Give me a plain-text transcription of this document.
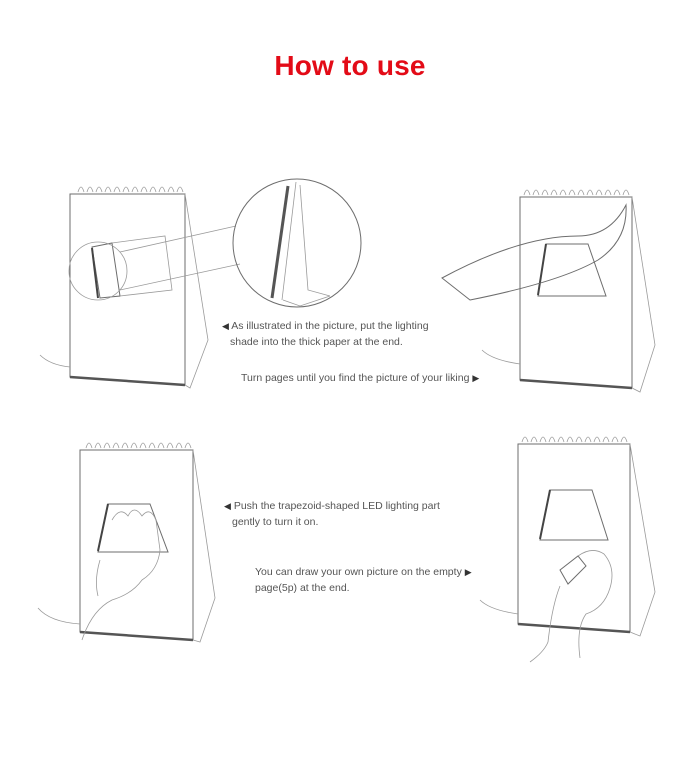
How to use
◀ As illustrated in the picture, put the lighting
shade into the thick paper at the end.
Turn pages until you find the picture of your liking ▶
◀ Push the trapezoid-shaped LED lighting part
gently to turn it on.
You can draw your own picture on the empty ▶
page(5p) at the end.
